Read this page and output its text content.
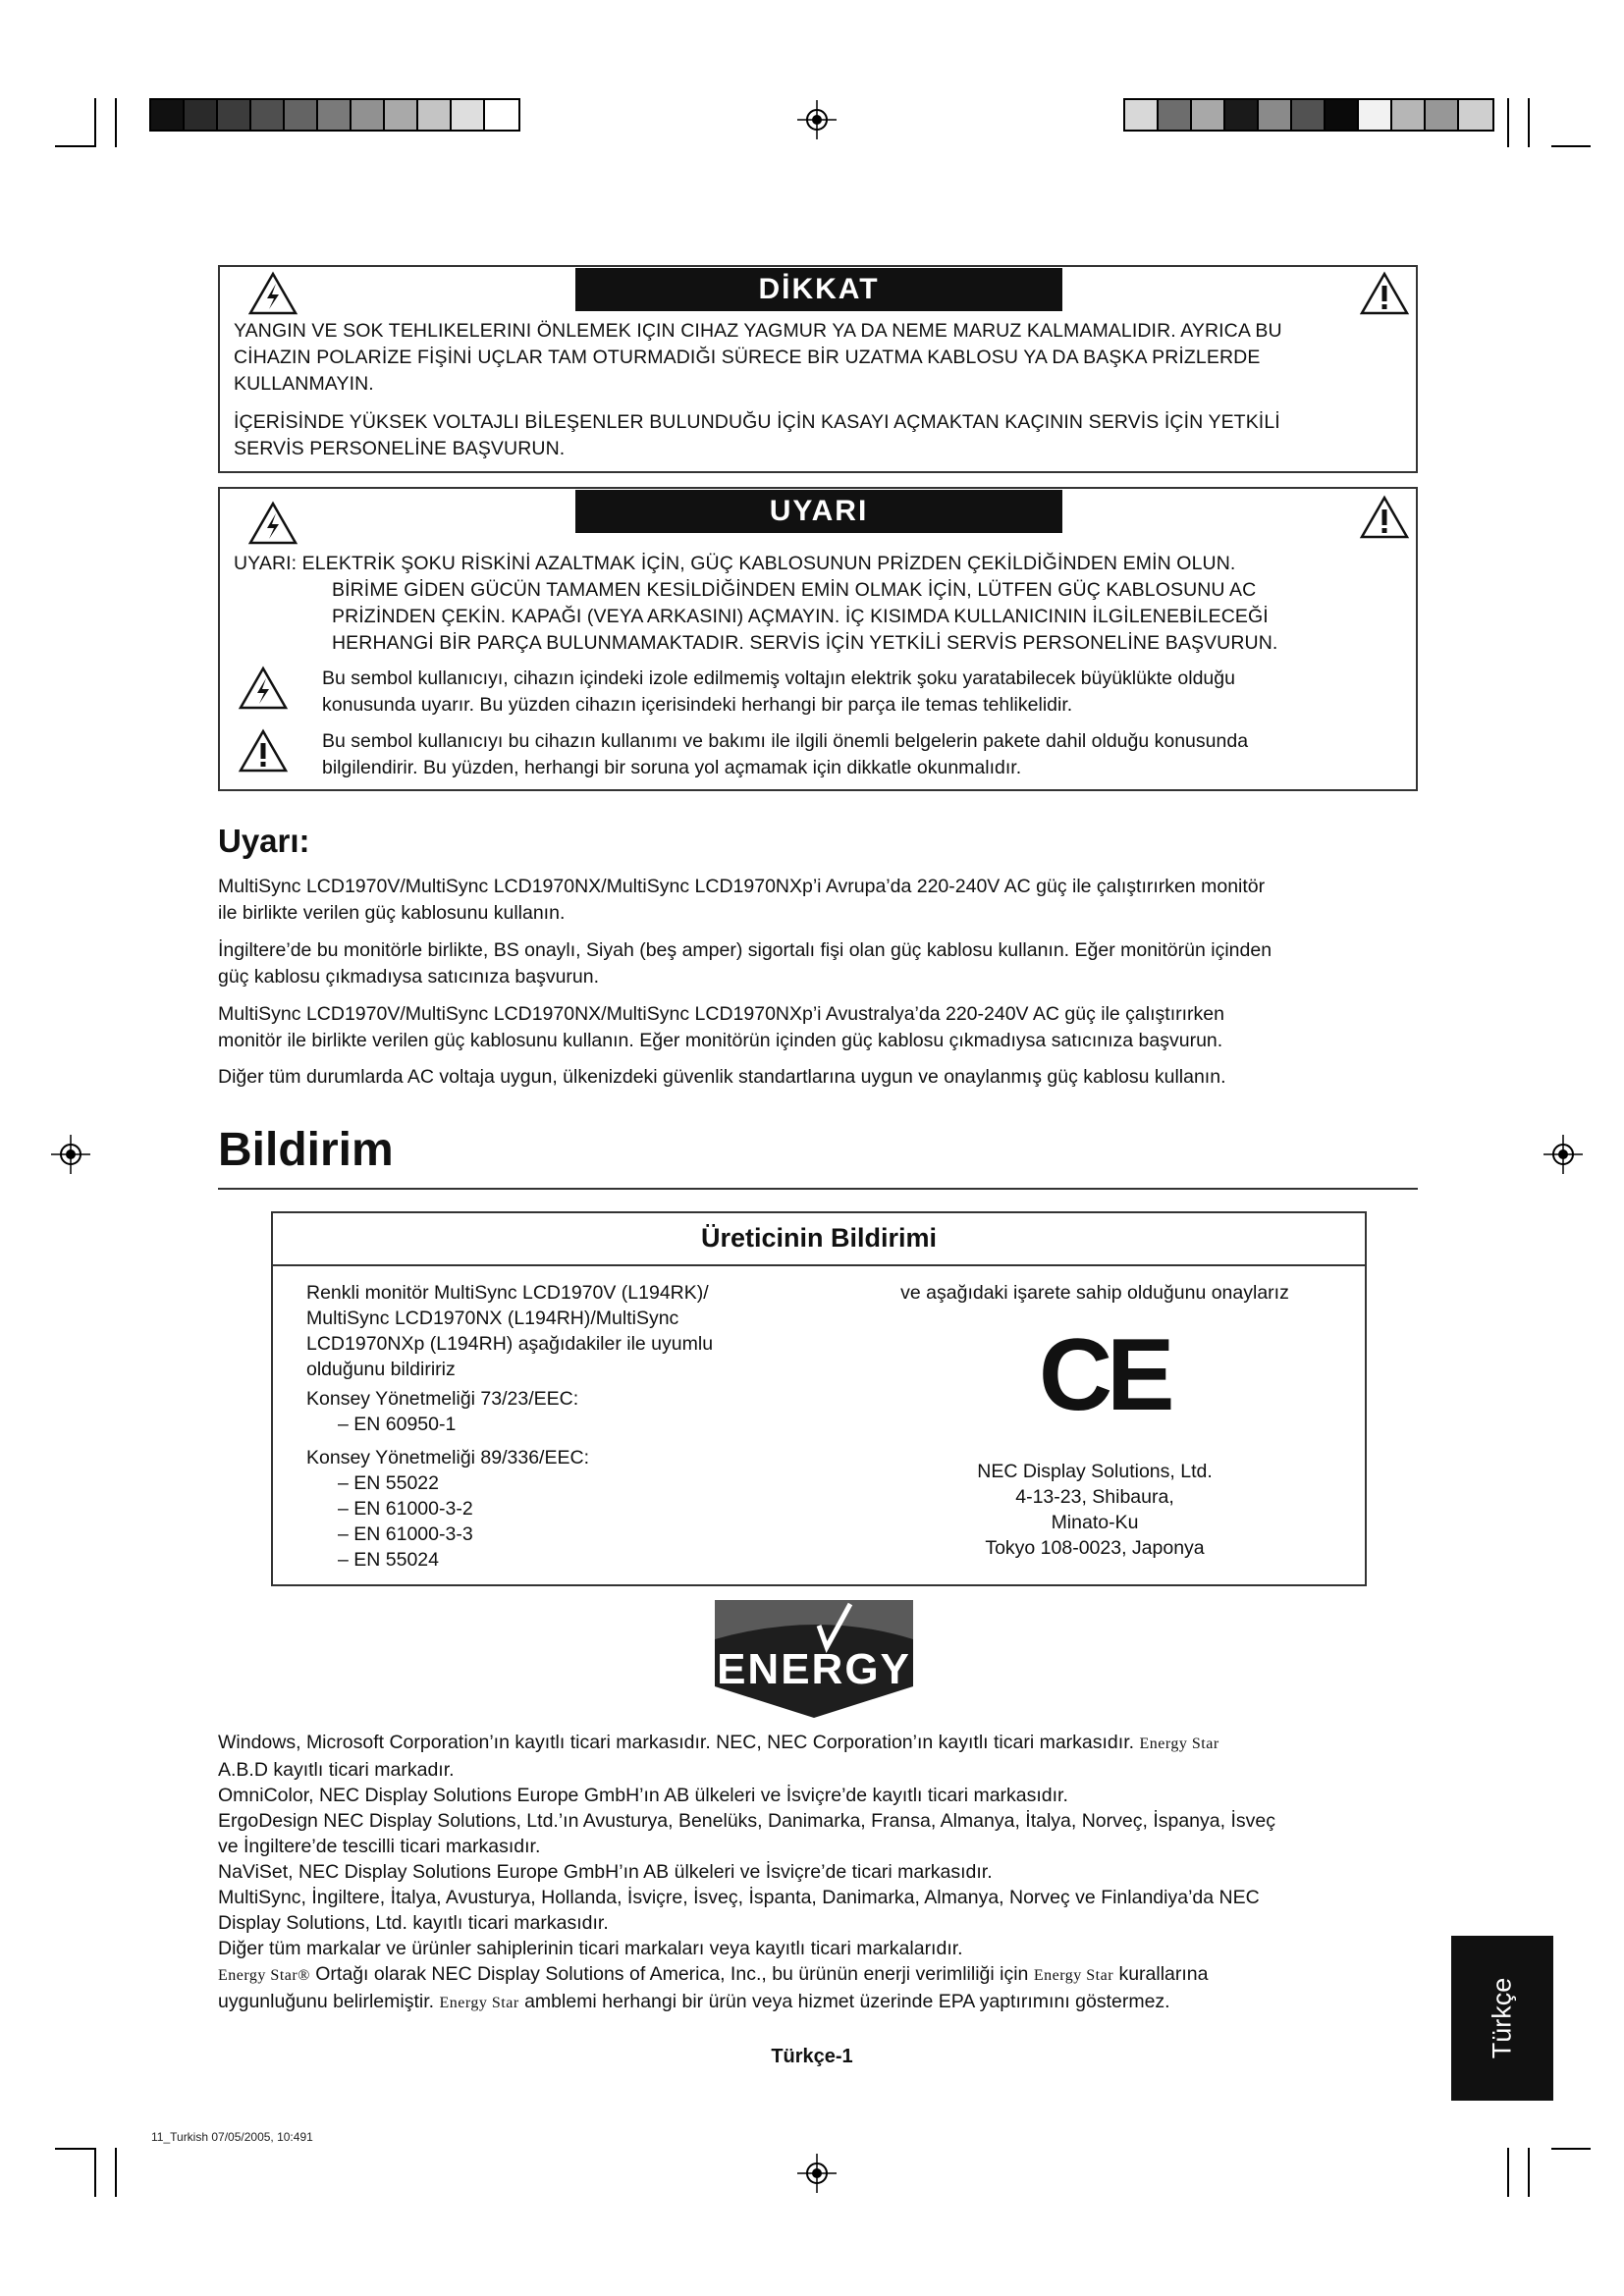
DİKKAT
YANGIN VE SOK TEHLIKELERINI ÖNLEMEK IÇIN CIHAZ YAGMUR YA DA NEME MARUZ KALMAMALIDIR. AYRICA BU
CİHAZIN POLARİZE FİŞİNİ UÇLAR TAM OTURMADIĞI SÜRECE BİR UZATMA KABLOSU YA DA BAŞKA PRİZLERDE
KULLANMAYIN.
İÇERİSİNDE YÜKSEK VOLTAJLI BİLEŞENLER BULUNDUĞU İÇİN KASAYI AÇMAKTAN KAÇININ SERVİS İÇİN YETKİLİ
SERVİS PERSONELİNE BAŞVURUN.
UYARI
UYARI: ELEKTRİK ŞOKU RİSKİNİ AZALTMAK İÇİN, GÜÇ KABLOSUNUN PRİZDEN ÇEKİLDİĞİNDEN EMİN OLUN.
BİRİME GİDEN GÜCÜN TAMAMEN KESİLDİĞİNDEN EMİN OLMAK İÇİN, LÜTFEN GÜÇ KABLOSUNU AC
PRİZİNDEN ÇEKİN. KAPAĞI (VEYA ARKASINI) AÇMAYIN. İÇ KISIMDA KULLANICININ İLGİLENEBİLECEĞİ
HERHANGİ BİR PARÇA BULUNMAMAKTADIR. SERVİS İÇİN YETKİLİ SERVİS PERSONELİNE BAŞVURUN.
Bu sembol kullanıcıyı, cihazın içindeki izole edilmemiş voltajın elektrik şoku yaratabilecek büyüklükte olduğu
konusunda uyarır. Bu yüzden cihazın içerisindeki herhangi bir parça ile temas tehlikelidir.
Bu sembol kullanıcıyı bu cihazın kullanımı ve bakımı ile ilgili önemli belgelerin pakete dahil olduğu konusunda
bilgilendirir. Bu yüzden, herhangi bir soruna yol açmamak için dikkatle okunmalıdır.
Uyarı:
MultiSync LCD1970V/MultiSync LCD1970NX/MultiSync LCD1970NXp’i Avrupa’da 220-240V AC güç ile çalıştırırken monitör
ile birlikte verilen güç kablosunu kullanın.
İngiltere’de bu monitörle birlikte, BS onaylı, Siyah (beş amper) sigortalı fişi olan güç kablosu kullanın. Eğer monitörün içinden
güç kablosu çıkmadıysa satıcınıza başvurun.
MultiSync LCD1970V/MultiSync LCD1970NX/MultiSync LCD1970NXp’i Avustralya’da 220-240V AC güç ile çalıştırırken
monitör ile birlikte verilen güç kablosunu kullanın. Eğer monitörün içinden güç kablosu çıkmadıysa satıcınıza başvurun.
Diğer tüm durumlarda AC voltaja uygun, ülkenizdeki güvenlik standartlarına uygun ve onaylanmış güç kablosu kullanın.
Bildirim
Üreticinin Bildirimi
Renkli monitör MultiSync LCD1970V (L194RK)/
MultiSync LCD1970NX (L194RH)/MultiSync
LCD1970NXp (L194RH) aşağıdakiler ile uyumlu
olduğunu bildiririz
Konsey Yönetmeliği 73/23/EEC:
– EN 60950-1
Konsey Yönetmeliği 89/336/EEC:
– EN 55022
– EN 61000-3-2
– EN 61000-3-3
– EN 55024
ve aşağıdaki işarete sahip olduğunu onaylarız
CE
NEC Display Solutions, Ltd.
4-13-23, Shibaura,
Minato-Ku
Tokyo 108-0023, Japonya
ENERGY
Windows, Microsoft Corporation’ın kayıtlı ticari markasıdır. NEC, NEC Corporation’ın kayıtlı ticari markasıdır. Energy Star
A.B.D kayıtlı ticari markadır.
OmniColor, NEC Display Solutions Europe GmbH’ın AB ülkeleri ve İsviçre’de kayıtlı ticari markasıdır.
ErgoDesign NEC Display Solutions, Ltd.’ın Avusturya, Benelüks, Danimarka, Fransa, Almanya, İtalya, Norveç, İspanya, İsveç
ve İngiltere’de tescilli ticari markasıdır.
NaViSet, NEC Display Solutions Europe GmbH’ın AB ülkeleri ve İsviçre’de ticari markasıdır.
MultiSync, İngiltere, İtalya, Avusturya, Hollanda, İsviçre, İsveç, İspanta, Danimarka, Almanya, Norveç ve Finlandiya’da NEC
Display Solutions, Ltd. kayıtlı ticari markasıdır.
Diğer tüm markalar ve ürünler sahiplerinin ticari markaları veya kayıtlı ticari markalarıdır.
Energy Star® Ortağı olarak NEC Display Solutions of America, Inc., bu ürünün enerji verimliliği için Energy Star kurallarına
uygunluğunu belirlemiştir. Energy Star amblemi herhangi bir ürün veya hizmet üzerinde EPA yaptırımını göstermez.
Türkçe-1	Türkçe
11_Turkish 07/05/2005, 10:491
